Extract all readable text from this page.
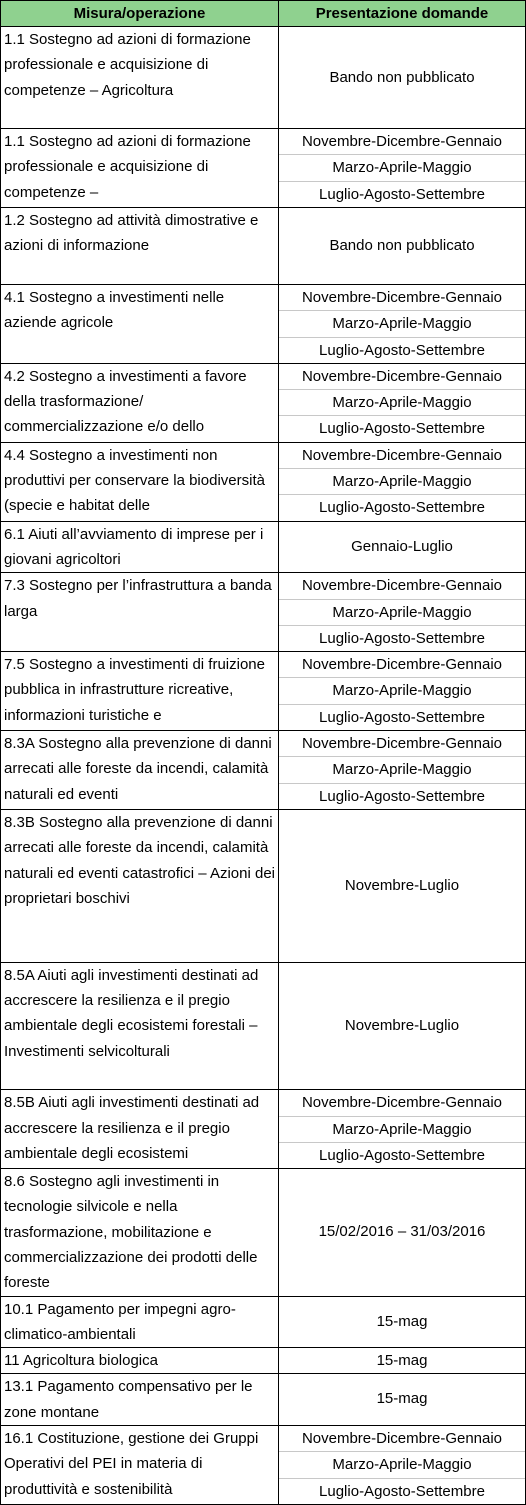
Misura/operazione	Presentazione domande

1.1 Sostegno ad azioni di formazione professionale e acquisizione di competenze – Agricoltura	Bando non pubblicato

1.1 Sostegno ad azioni di formazione professionale e acquisizione di competenze –	Novembre-Dicembre-Gennaio
Marzo-Aprile-Maggio
Luglio-Agosto-Settembre

1.2 Sostegno ad attività dimostrative e azioni di informazione	Bando non pubblicato

4.1 Sostegno a investimenti nelle aziende agricole	Novembre-Dicembre-Gennaio
Marzo-Aprile-Maggio
Luglio-Agosto-Settembre

4.2 Sostegno a investimenti a favore della trasformazione/ commercializzazione e/o dello	Novembre-Dicembre-Gennaio
Marzo-Aprile-Maggio
Luglio-Agosto-Settembre

4.4 Sostegno a investimenti non produttivi per conservare la biodiversità (specie e habitat delle	Novembre-Dicembre-Gennaio
Marzo-Aprile-Maggio
Luglio-Agosto-Settembre

6.1 Aiuti all’avviamento di imprese per i giovani agricoltori	Gennaio-Luglio

7.3 Sostegno per l’infrastruttura a banda larga	Novembre-Dicembre-Gennaio
Marzo-Aprile-Maggio
Luglio-Agosto-Settembre

7.5 Sostegno a investimenti di fruizione pubblica in infrastrutture ricreative, informazioni turistiche e	Novembre-Dicembre-Gennaio
Marzo-Aprile-Maggio
Luglio-Agosto-Settembre

8.3A Sostegno alla prevenzione di danni arrecati alle foreste da incendi, calamità naturali ed eventi	Novembre-Dicembre-Gennaio
Marzo-Aprile-Maggio
Luglio-Agosto-Settembre

8.3B Sostegno alla prevenzione di danni arrecati alle foreste da incendi, calamità naturali ed eventi catastrofici – Azioni dei proprietari boschivi	Novembre-Luglio

8.5A Aiuti agli investimenti destinati ad accrescere la resilienza e il pregio ambientale degli ecosistemi forestali – Investimenti selvicolturali	Novembre-Luglio

8.5B Aiuti agli investimenti destinati ad accrescere la resilienza e il pregio ambientale degli ecosistemi	Novembre-Dicembre-Gennaio
Marzo-Aprile-Maggio
Luglio-Agosto-Settembre

8.6 Sostegno agli investimenti in tecnologie silvicole e nella trasformazione, mobilitazione e commercializzazione dei prodotti delle foreste	15/02/2016 – 31/03/2016

10.1 Pagamento per impegni agro-climatico-ambientali	15-mag

11 Agricoltura biologica	15-mag

13.1 Pagamento compensativo per le zone montane	15-mag

16.1 Costituzione, gestione dei Gruppi Operativi del PEI in materia di produttività e sostenibilità	Novembre-Dicembre-Gennaio
Marzo-Aprile-Maggio
Luglio-Agosto-Settembre
